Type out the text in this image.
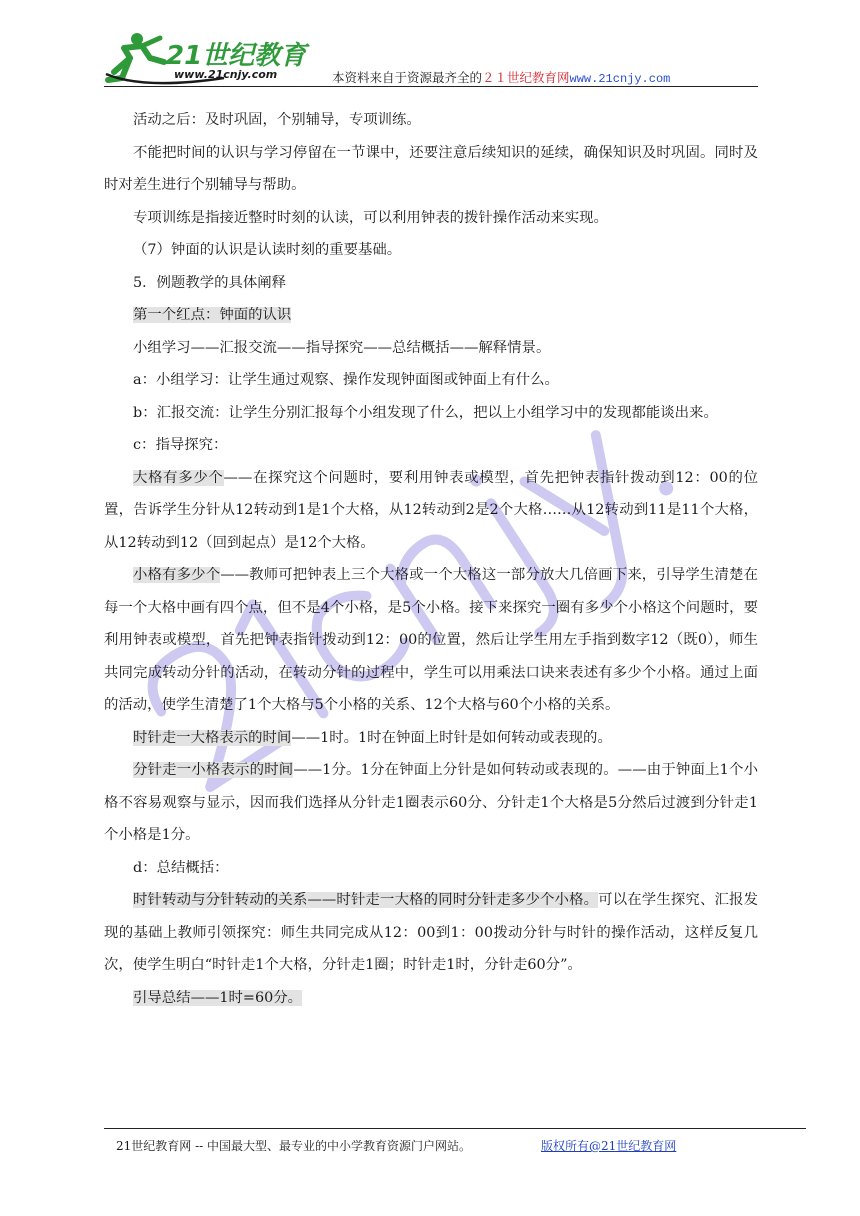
21世纪教育
www.21cnjy.com	本资料来自于资源最齐全的２１世纪教育网www.21cnjy.com

活动之后：及时巩固，个别辅导，专项训练。

不能把时间的认识与学习停留在一节课中，还要注意后续知识的延续，确保知识及时巩固。同时及时对差生进行个别辅导与帮助。

专项训练是指接近整时时刻的认读，可以利用钟表的拨针操作活动来实现。

（7）钟面的认识是认读时刻的重要基础。

5．例题教学的具体阐释

第一个红点：钟面的认识

小组学习——汇报交流——指导探究——总结概括——解释情景。

a：小组学习：让学生通过观察、操作发现钟面图或钟面上有什么。

b：汇报交流：让学生分别汇报每个小组发现了什么，把以上小组学习中的发现都能谈出来。

c：指导探究：

大格有多少个——在探究这个问题时，要利用钟表或模型，首先把钟表指针拨动到12：00的位置，告诉学生分针从12转动到1是1个大格，从12转动到2是2个大格……从12转动到11是11个大格，从12转动到12（回到起点）是12个大格。

小格有多少个——教师可把钟表上三个大格或一个大格这一部分放大几倍画下来，引导学生清楚在每一个大格中画有四个点，但不是4个小格，是5个小格。接下来探究一圈有多少个小格这个问题时，要利用钟表或模型，首先把钟表指针拨动到12：00的位置，然后让学生用左手指到数字12（既0），师生共同完成转动分针的活动，在转动分针的过程中，学生可以用乘法口诀来表述有多少个小格。通过上面的活动，使学生清楚了1个大格与5个小格的关系、12个大格与60个小格的关系。

时针走一大格表示的时间——1时。1时在钟面上时针是如何转动或表现的。

分针走一小格表示的时间——1分。1分在钟面上分针是如何转动或表现的。——由于钟面上1个小格不容易观察与显示，因而我们选择从分针走1圈表示60分、分针走1个大格是5分然后过渡到分针走1个小格是1分。

d：总结概括：

时针转动与分针转动的关系——时针走一大格的同时分针走多少个小格。可以在学生探究、汇报发现的基础上教师引领探究：师生共同完成从12：00到1：00拨动分针与时针的操作活动，这样反复几次，使学生明白“时针走1个大格，分针走1圈；时针走1时，分针走60分”。

引导总结——1时=60分。

21世纪教育网 -- 中国最大型、最专业的中小学教育资源门户网站。	版权所有@21世纪教育网
